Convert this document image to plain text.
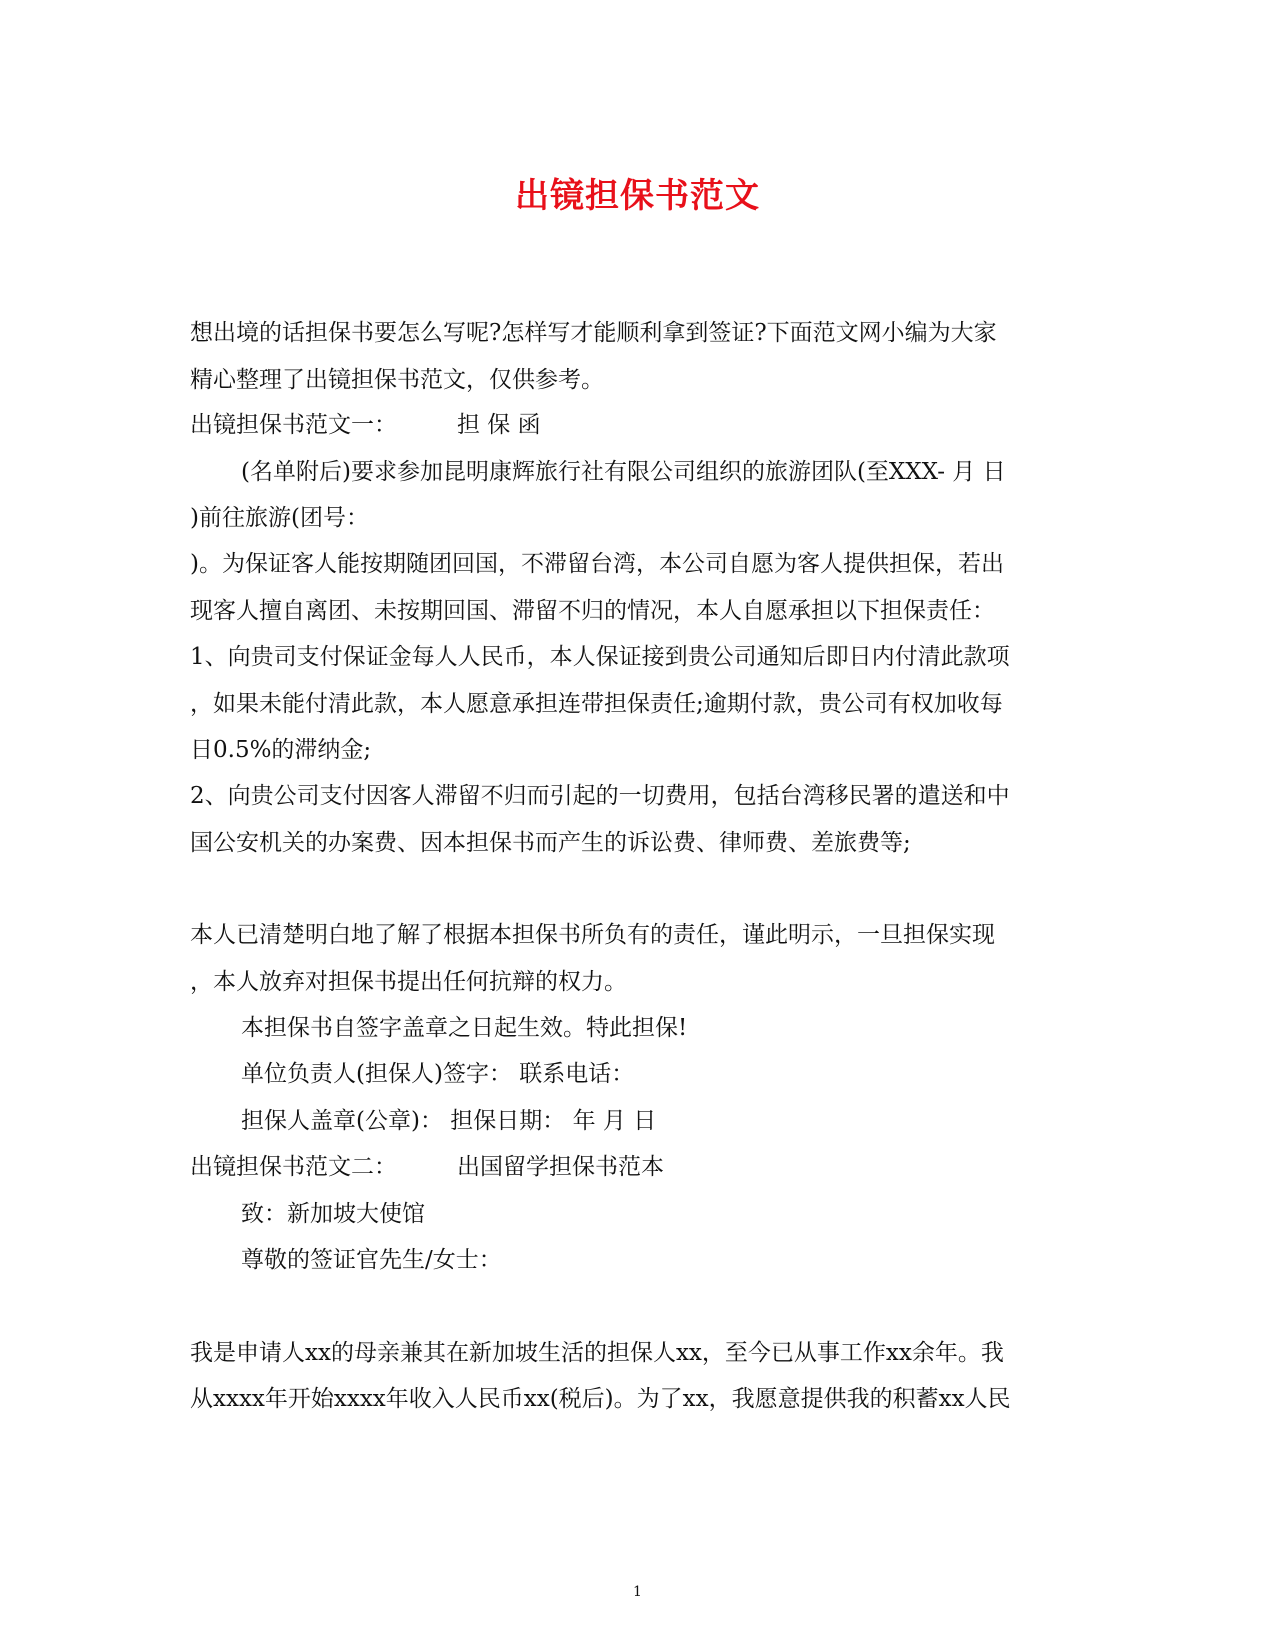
出镜担保书范文
想出境的话担保书要怎么写呢?怎样写才能顺利拿到签证?下面范文网小编为大家
精心整理了出镜担保书范文，仅供参考。
出镜担保书范文一：	担 保 函
(名单附后)要求参加昆明康辉旅行社有限公司组织的旅游团队(至XXX- 月 日
)前往旅游(团号：
)。为保证客人能按期随团回国，不滞留台湾，本公司自愿为客人提供担保，若出
现客人擅自离团、未按期回国、滞留不归的情况，本人自愿承担以下担保责任：
1、向贵司支付保证金每人人民币，本人保证接到贵公司通知后即日内付清此款项
，如果未能付清此款，本人愿意承担连带担保责任;逾期付款，贵公司有权加收每
日0.5%的滞纳金;
2、向贵公司支付因客人滞留不归而引起的一切费用，包括台湾移民署的遣送和中
国公安机关的办案费、因本担保书而产生的诉讼费、律师费、差旅费等;
本人已清楚明白地了解了根据本担保书所负有的责任，谨此明示，一旦担保实现
，本人放弃对担保书提出任何抗辩的权力。
本担保书自签字盖章之日起生效。特此担保!
单位负责人(担保人)签字： 联系电话：
担保人盖章(公章)： 担保日期： 年 月 日
出镜担保书范文二：	出国留学担保书范本
致：新加坡大使馆
尊敬的签证官先生/女士：
我是申请人xx的母亲兼其在新加坡生活的担保人xx，至今已从事工作xx余年。我
从xxxx年开始xxxx年收入人民币xx(税后)。为了xx，我愿意提供我的积蓄xx人民
1
